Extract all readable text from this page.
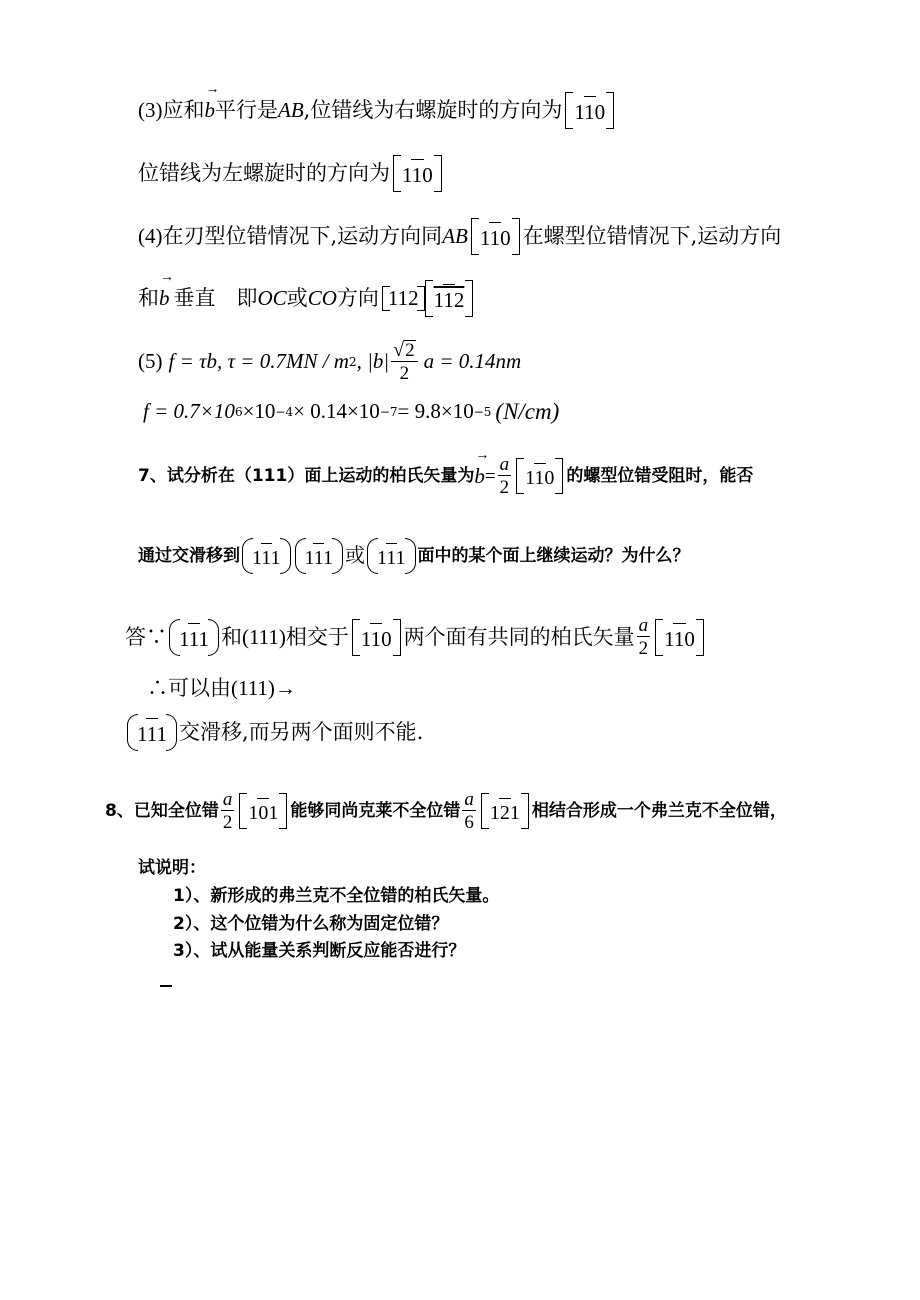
(3) 应和 → b 平行是 AB ,位错线为右螺旋时的方向为 110
位错线为左螺旋时的方向为 110
(4) 在刃型位错情况下,运动方向同 AB 110 在螺型位错情况下,运动方向
和 → b 垂直　即 OC 或 CO 方向 112 112
(5) f = τb, τ = 0.7MN / m 2 , $|b| \frac{√ 2}{2}$ a = 0.14nm
f = 0.7×10 6 ×10 −4 × 0.14×10 −7 = 9.8×10 −5 (N/cm)
7、 试分析在（111）面上运动的柏氏矢量为 → $b = \frac{a}{2} 110$ 的螺型位错受阻时，能否
通过交滑移到 111	111 或 111 面中的某个面上继续运动？为什么？
答∵ 111 和 (111) 相交于 110 两个面有共同的柏氏矢量 $\frac{a}{2} 110$
∴可以由 (111) →
111 交滑移,而另两个面则不能.
8、 已知全位错 $\frac{a}{2} 101$ 能够同尚克莱不全位错 $\frac{a}{6} 121$ 相结合形成一个弗兰克不全位错，
试说明：
1）、新形成的弗兰克不全位错的柏氏矢量。
2）、这个位错为什么称为固定位错？
3）、试从能量关系判断反应能否进行？
